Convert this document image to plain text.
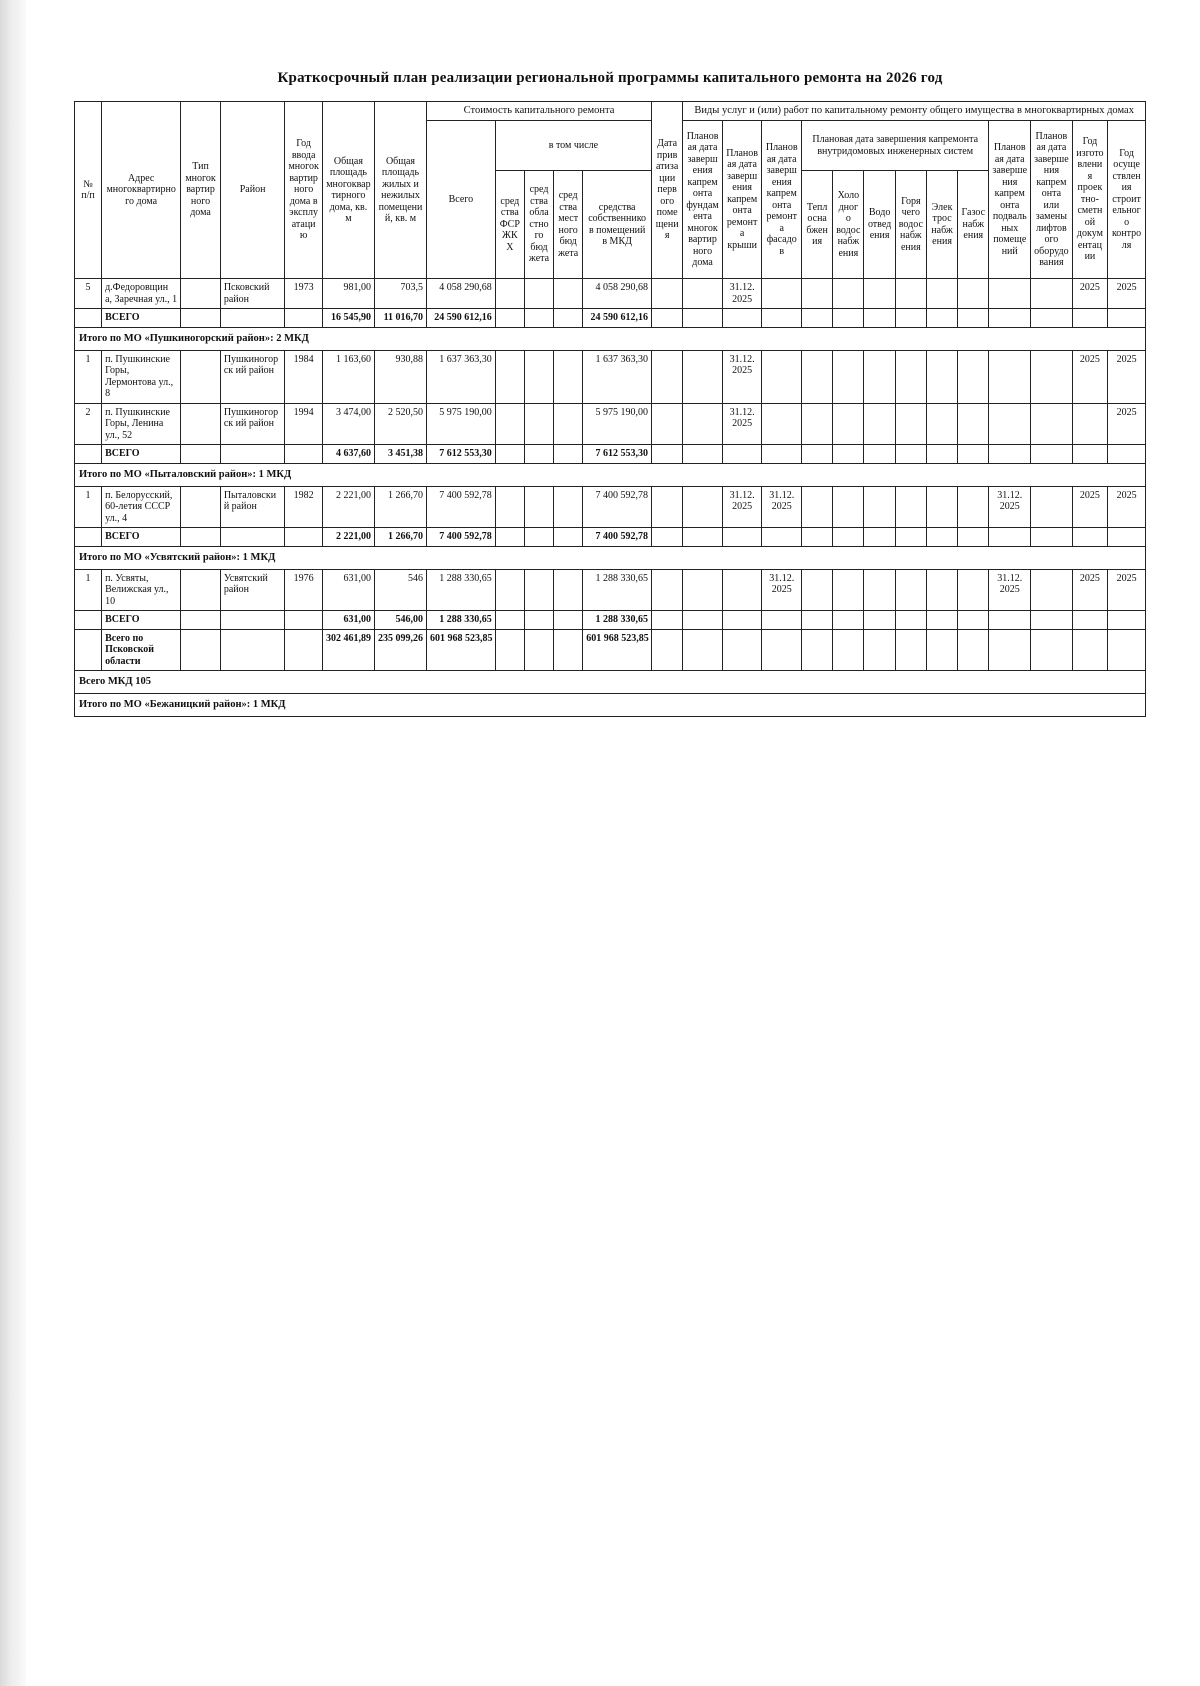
Краткосрочный план реализации региональной программы капитального ремонта на 2026 год
№ п/п	Адрес многоквартирного дома	Тип многоквартирного дома	Район	Год ввода многоквартирного дома в эксплуатацию	Общая площадь многоквартирного дома, кв. м	Общая площадь жилых и нежилых помещений, кв. м	Стоимость капитального ремонта					Дата приватизации первого помещения	Виды услуг и (или) работ по капитальному ремонту общего имущества в многоквартирных домах												
							Всего	в том числе					Плановая дата завершения капремонта фундамента многоквартирного дома	Плановая дата завершения капремонта ремонта крыши	Плановая дата завершения капремонта ремонта фасадов	Плановая дата завершения капремонта внутридомовых инженерных систем						Плановая дата завершения капремонта подвальных помещений	Плановая дата завершения капремонта или замены лифтового оборудования	Год изготовления проектно-сметной документации	Год осуществления строительного контроля
								средства ФСР ЖКХ	средства областного бюджета	средства местного бюджета	средства собственников помещений в МКД					Теплоснабжения	Холодного водоснабжения	Водоотведения	Горячего водоснабжения	Электроснабжения	Газоснабжения				
5	д.Федоровщин а, Заречная ул., 1		Псковский район	1973	981,00	703,5	4 058 290,68				4 058 290,68			31.12. 2025										2025	2025
	ВСЕГО				16 545,90	11 016,70	24 590 612,16				24 590 612,16														
Итого по МО «Пушкиногорский район»: 2 МКД																									
1	п. Пушкинские Горы, Лермонтова ул., 8		Пушкиногорск ий район	1984	1 163,60	930,88	1 637 363,30				1 637 363,30			31.12. 2025										2025	2025
2	п. Пушкинские Горы, Ленина ул., 52		Пушкиногорск ий район	1994	3 474,00	2 520,50	5 975 190,00				5 975 190,00			31.12. 2025											2025
	ВСЕГО				4 637,60	3 451,38	7 612 553,30				7 612 553,30														
Итого по МО «Пыталовский район»: 1 МКД																									
1	п. Белорусский, 60-летия СССР ул., 4		Пыталовский район	1982	2 221,00	1 266,70	7 400 592,78				7 400 592,78			31.12. 2025	31.12. 2025							31.12. 2025		2025	2025
	ВСЕГО				2 221,00	1 266,70	7 400 592,78				7 400 592,78														
Итого по МО «Усвятский район»: 1 МКД																									
1	п. Усвяты, Велижская ул., 10		Усвятский район	1976	631,00	546	1 288 330,65				1 288 330,65				31.12. 2025							31.12. 2025		2025	2025
	ВСЕГО				631,00	546,00	1 288 330,65				1 288 330,65														
	Всего по Псковской области				302 461,89	235 099,26	601 968 523,85				601 968 523,85														
Всего МКД 105																									
Итого по МО «Бежаницкий район»: 1 МКД																									
